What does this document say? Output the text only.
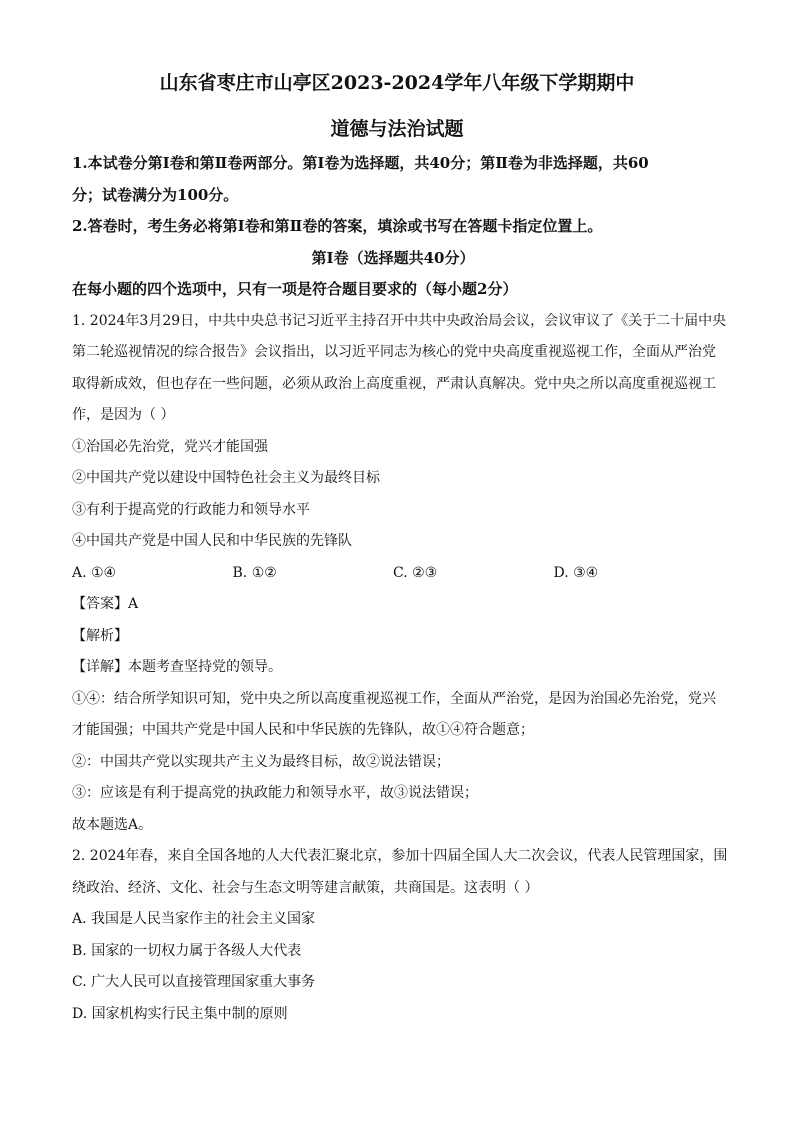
山东省枣庄市山亭区2023-2024学年八年级下学期期中
道德与法治试题
1.本试卷分第Ⅰ卷和第Ⅱ卷两部分。第Ⅰ卷为选择题，共40分；第Ⅱ卷为非选择题，共60
分；试卷满分为100分。
2.答卷时，考生务必将第Ⅰ卷和第Ⅱ卷的答案，填涂或书写在答题卡指定位置上。
第Ⅰ卷（选择题共40分）
在每小题的四个选项中，只有一项是符合题目要求的（每小题2分）
1. 2024年3月29日，中共中央总书记习近平主持召开中共中央政治局会议，会议审议了《关于二十届中央
第二轮巡视情况的综合报告》会议指出，以习近平同志为核心的党中央高度重视巡视工作，全面从严治党
取得新成效，但也存在一些问题，必须从政治上高度重视，严肃认真解决。党中央之所以高度重视巡视工
作，是因为（ ）
①治国必先治党，党兴才能国强
②中国共产党以建设中国特色社会主义为最终目标
③有利于提高党的行政能力和领导水平
④中国共产党是中国人民和中华民族的先锋队
A. ①④	B. ①②	C. ②③	D. ③④
【答案】A
【解析】
【详解】本题考查坚持党的领导。
①④：结合所学知识可知，党中央之所以高度重视巡视工作，全面从严治党，是因为治国必先治党，党兴
才能国强；中国共产党是中国人民和中华民族的先锋队，故①④符合题意；
②：中国共产党以实现共产主义为最终目标，故②说法错误；
③：应该是有利于提高党的执政能力和领导水平，故③说法错误；
故本题选A。
2. 2024年春，来自全国各地的人大代表汇聚北京，参加十四届全国人大二次会议，代表人民管理国家，围
绕政治、经济、文化、社会与生态文明等建言献策，共商国是。这表明（ ）
A. 我国是人民当家作主的社会主义国家
B. 国家的一切权力属于各级人大代表
C. 广大人民可以直接管理国家重大事务
D. 国家机构实行民主集中制的原则
